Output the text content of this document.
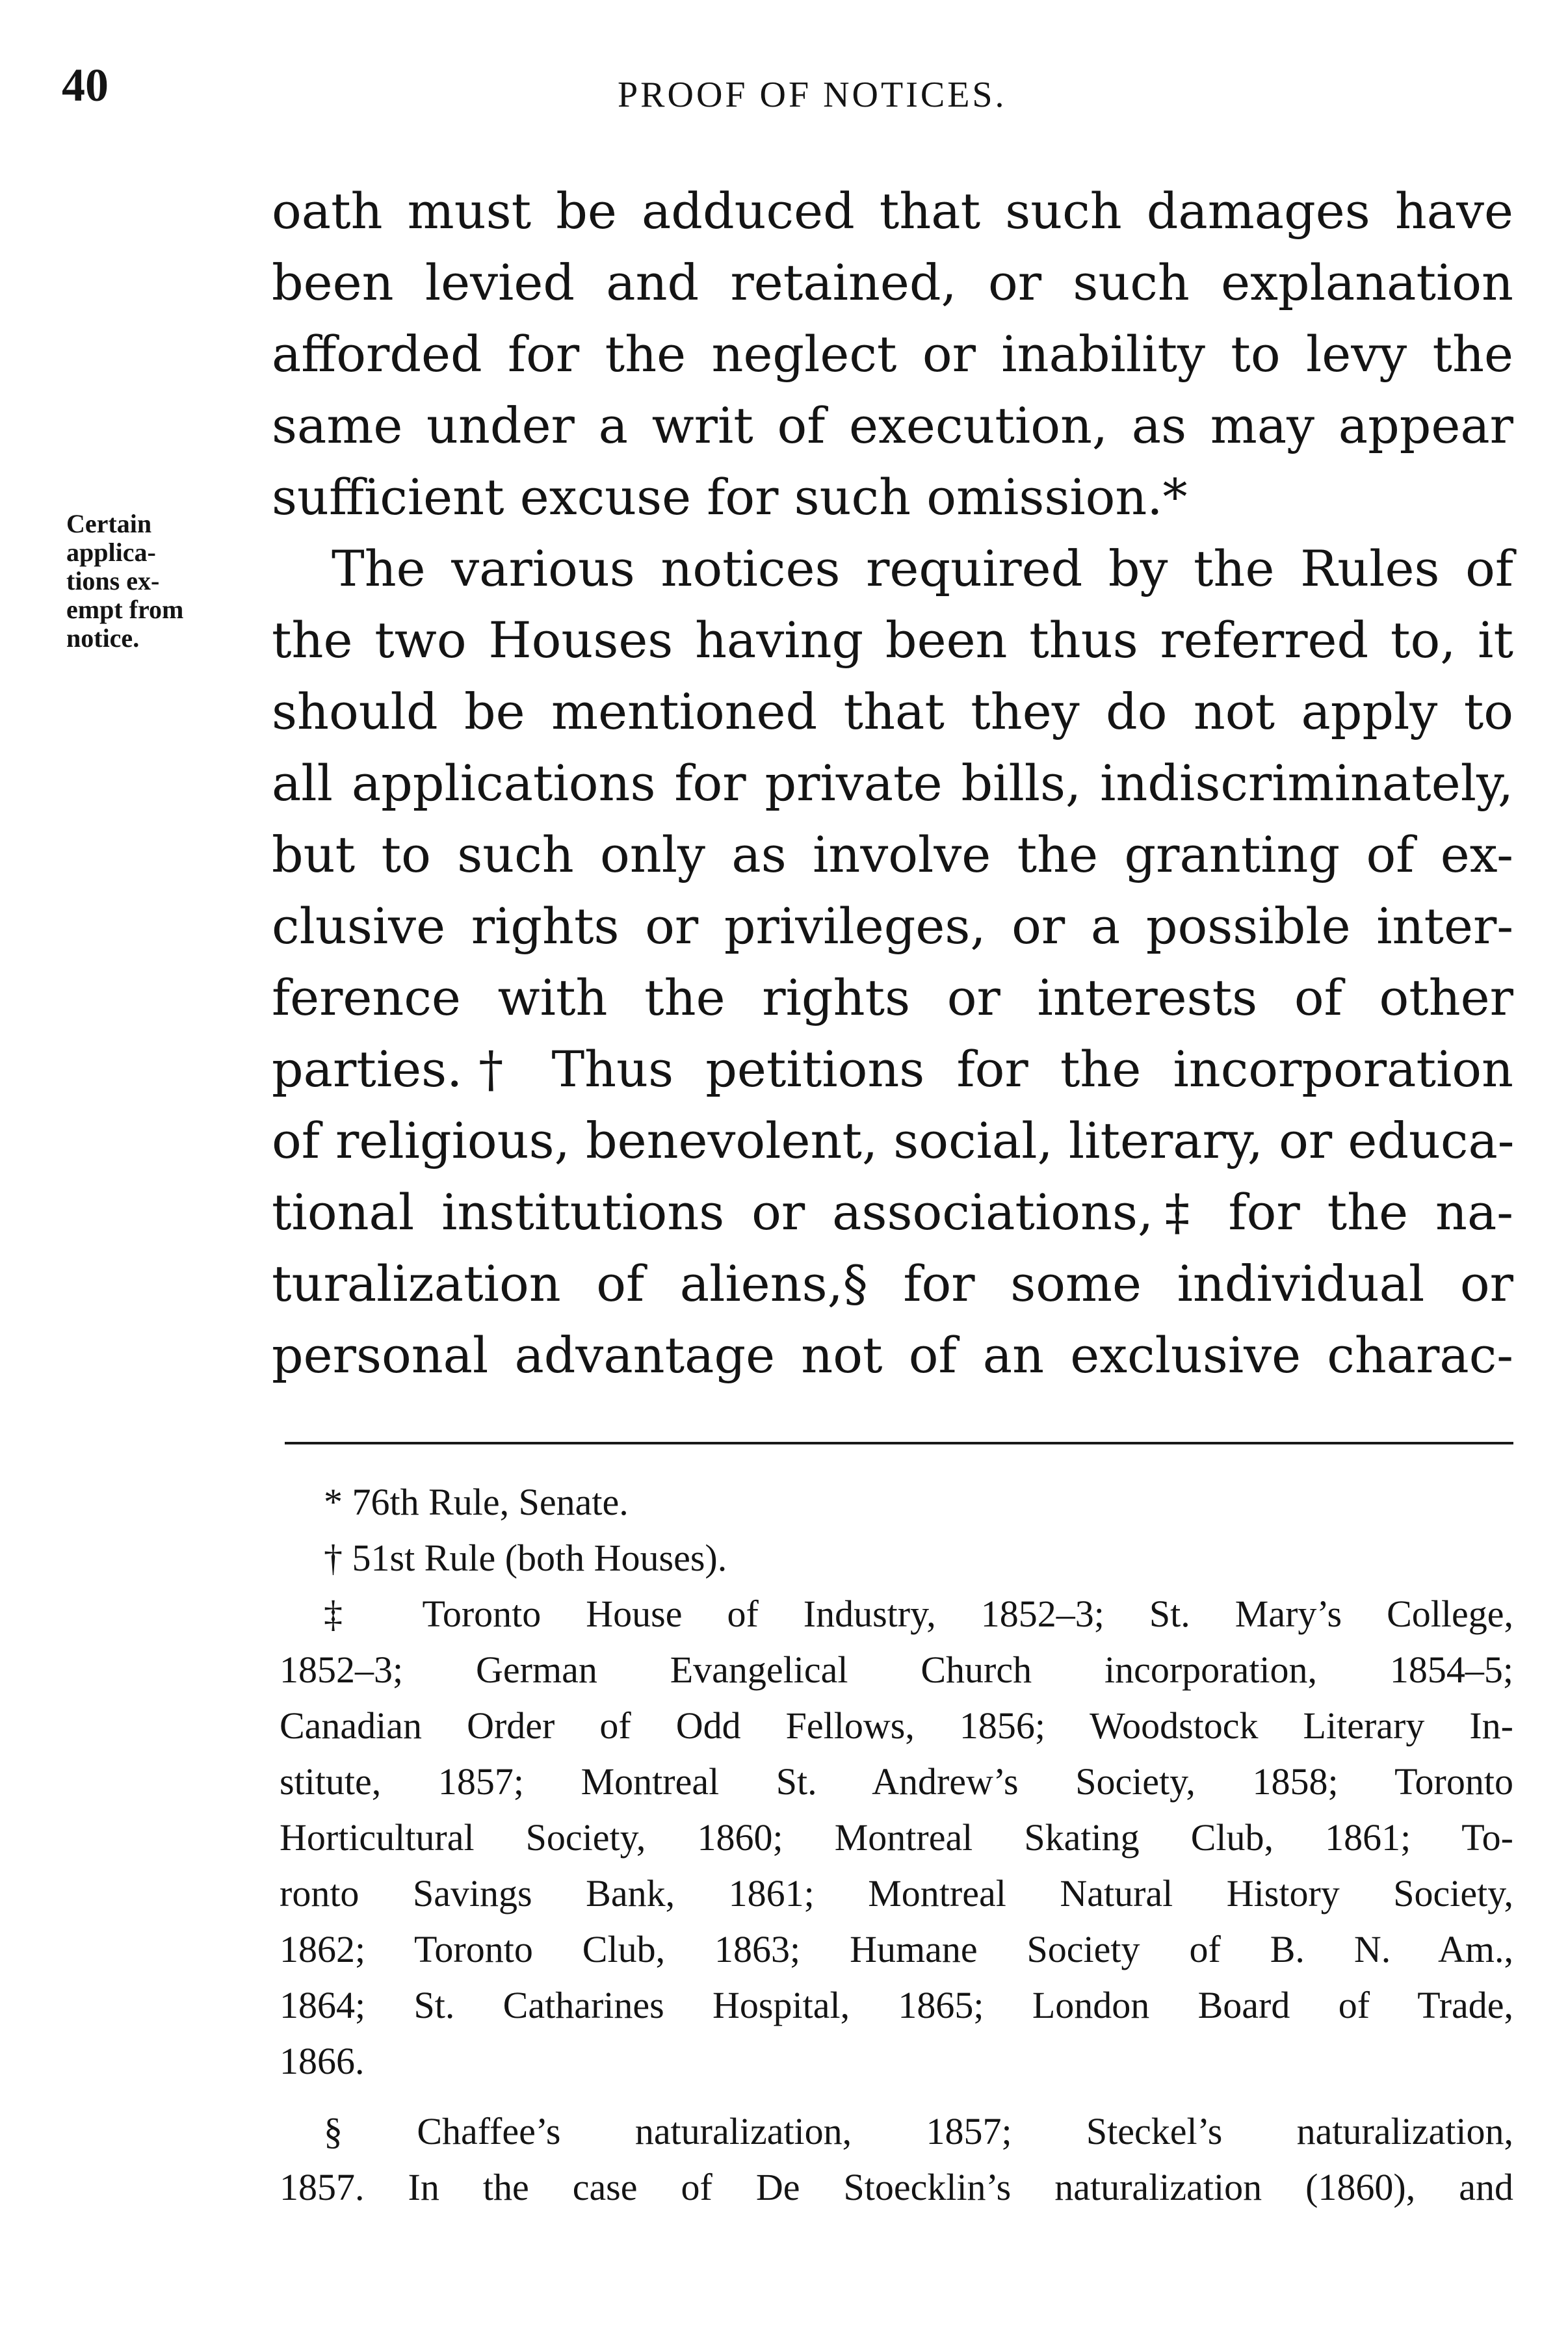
40	PROOF OF NOTICES.
Certain
applica-
tions ex-
empt from
notice.
oath must be adduced that such damages have
been levied and retained, or such explanation
afforded for the neglect or inability to levy the
same under a writ of execution, as may appear
sufficient excuse for such omission.*
The various notices required by the Rules of
the two Houses having been thus referred to, it
should be mentioned that they do not apply to
all applications for private bills, indiscriminately,
but to such only as involve the granting of ex-
clusive rights or privileges, or a possible inter-
ference with the rights or interests of other
parties.† Thus petitions for the incorporation
of religious, benevolent, social, literary, or educa-
tional institutions or associations,‡ for the na-
turalization of aliens,§ for some individual or
personal advantage not of an exclusive charac-
* 76th Rule, Senate.
† 51st Rule (both Houses).
‡ Toronto House of Industry, 1852–3; St. Mary’s College,
1852–3; German Evangelical Church incorporation, 1854–5;
Canadian Order of Odd Fellows, 1856; Woodstock Literary In-
stitute, 1857; Montreal St. Andrew’s Society, 1858; Toronto
Horticultural Society, 1860; Montreal Skating Club, 1861; To-
ronto Savings Bank, 1861; Montreal Natural History Society,
1862; Toronto Club, 1863; Humane Society of B. N. Am.,
1864; St. Catharines Hospital, 1865; London Board of Trade,
1866.
§ Chaffee’s naturalization, 1857; Steckel’s naturalization,
1857. In the case of De Stoecklin’s naturalization (1860), and
